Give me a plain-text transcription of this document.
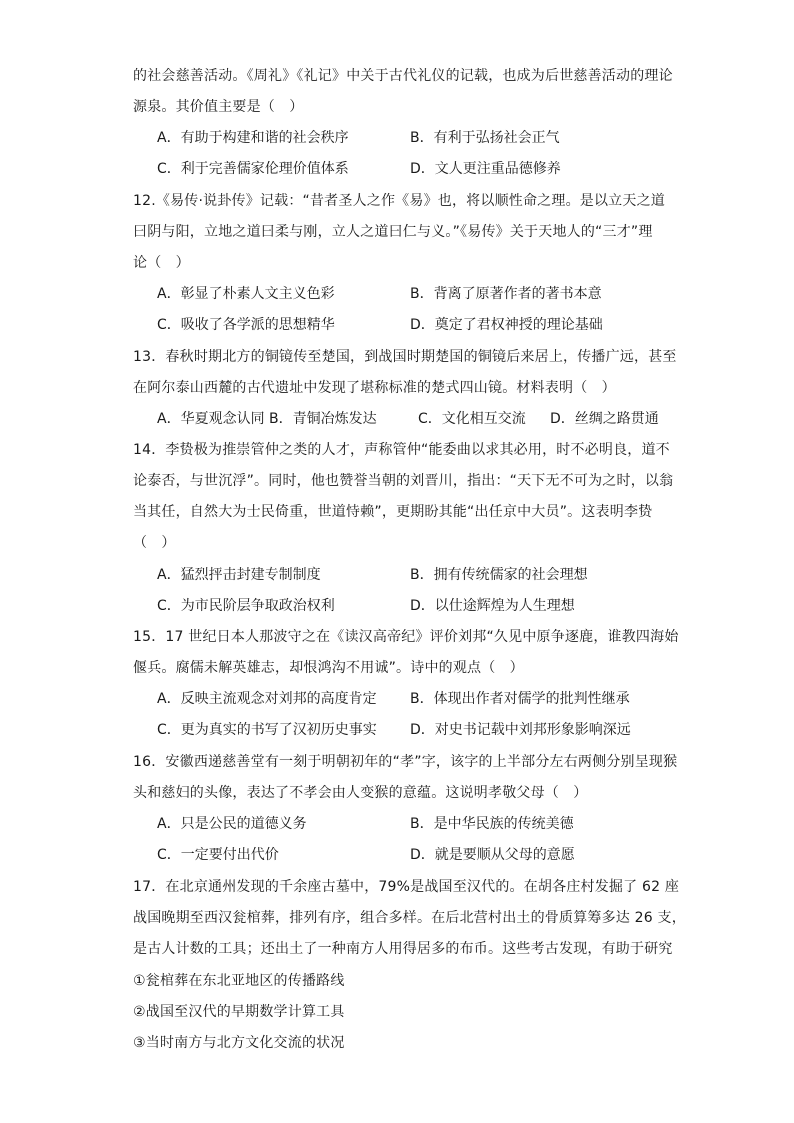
的社会慈善活动。《周礼》《礼记》中关于古代礼仪的记载，也成为后世慈善活动的理论
源泉。其价值主要是（　）
A．有助于构建和谐的社会秩序	B．有利于弘扬社会正气
C．利于完善儒家伦理价值体系	D．文人更注重品德修养
12.《易传·说卦传》记载：“昔者圣人之作《易》也，将以顺性命之理。是以立天之道
曰阴与阳，立地之道曰柔与刚，立人之道曰仁与义。”《易传》关于天地人的“三才”理
论（　）
A．彰显了朴素人文主义色彩	B．背离了原著作者的著书本意
C．吸收了各学派的思想精华	D．奠定了君权神授的理论基础
13．春秋时期北方的铜镜传至楚国，到战国时期楚国的铜镜后来居上，传播广远，甚至
在阿尔泰山西麓的古代遗址中发现了堪称标准的楚式四山镜。材料表明（　）
A．华夏观念认同 B．青铜冶炼发达	C．文化相互交流 D．丝绸之路贯通
14．李贽极为推崇管仲之类的人才，声称管仲“能委曲以求其必用，时不必明良，道不
论泰否，与世沉浮”。同时，他也赞誉当朝的刘晋川，指出：“天下无不可为之时，以翁
当其任，自然大为士民倚重，世道恃赖”，更期盼其能“出任京中大员”。这表明李贽
（　）
A．猛烈抨击封建专制制度	B．拥有传统儒家的社会理想
C．为市民阶层争取政治权利	D．以仕途辉煌为人生理想
15．17 世纪日本人那波守之在《读汉高帝纪》评价刘邦“久见中原争逐鹿，谁教四海始
偃兵。腐儒未解英雄志，却恨鸿沟不用诚”。诗中的观点（　）
A．反映主流观念对刘邦的高度肯定 B．体现出作者对儒学的批判性继承
C．更为真实的书写了汉初历史事实 D．对史书记载中刘邦形象影响深远
16．安徽西递慈善堂有一刻于明朝初年的“孝”字，该字的上半部分左右两侧分别呈现猴
头和慈妇的头像，表达了不孝会由人变猴的意蕴。这说明孝敬父母（　）
A．只是公民的道德义务	B．是中华民族的传统美德
C．一定要付出代价	D．就是要顺从父母的意愿
17．在北京通州发现的千余座古墓中，79%是战国至汉代的。在胡各庄村发掘了 62 座
战国晚期至西汉瓮棺葬，排列有序，组合多样。在后北营村出土的骨质算筹多达 26 支，
是古人计数的工具；还出土了一种南方人用得居多的布币。这些考古发现，有助于研究
①瓮棺葬在东北亚地区的传播路线
②战国至汉代的早期数学计算工具
③当时南方与北方文化交流的状况
